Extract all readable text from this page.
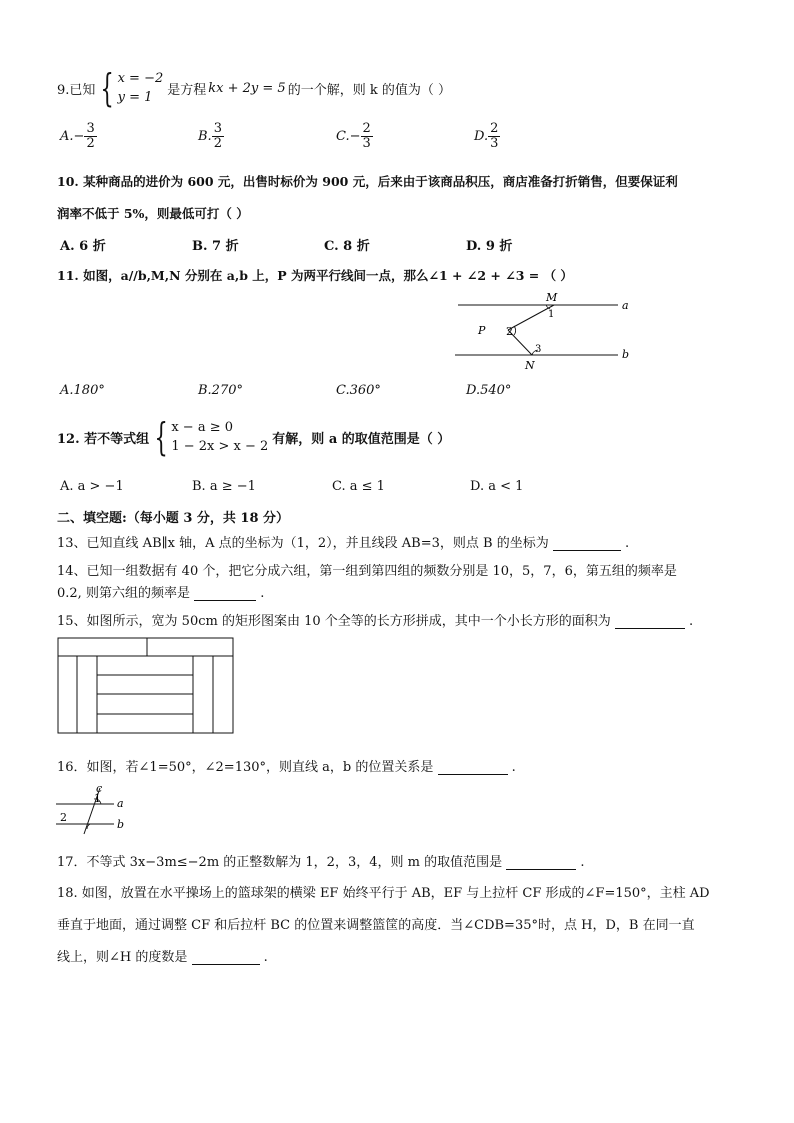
9.已知 { x = −2
y = 1	是方程 kx + 2y = 5 的一个解，则 k 的值为（ ）
A. − $\frac{3}{2}$	B. $\frac{3}{2}$	C. − $\frac{2}{3}$	D. $\frac{2}{3}$
10. 某种商品的进价为 600 元，出售时标价为 900 元，后来由于该商品积压，商店准备打折销售，但要保证利
润率不低于 5%，则最低可打（ ）
A. 6 折	B. 7 折	C. 8 折	D. 9 折
11. 如图，a//b,M,N 分别在 a,b 上，P 为两平行线间一点，那么∠1 + ∠2 + ∠3 = （ ）
M
1
a
P 2
3	b
N
A.180°	B.270°	C.360°	D.540°
12. 若不等式组 { x − a ≥ 0
1 − 2x > x − 2 有解，则 a 的取值范围是（ ）
A. a > −1	B. a ≥ −1	C. a ≤ 1	D. a < 1
二、填空题:（每小题 3 分，共 18 分）
13、已知直线 AB∥x 轴，A 点的坐标为（1，2），并且线段 AB=3，则点 B 的坐标为	.
14、已知一组数据有 40 个，把它分成六组，第一组到第四组的频数分别是 10，5，7，6，第五组的频率是
0.2, 则第六组的频率是	.
15、如图所示，宽为 50cm 的矩形图案由 10 个全等的长方形拼成，其中一个小长方形的面积为	.
16．如图，若∠1=50°，∠2=130°，则直线 a，b 的位置关系是	.
c
1 a
2
b
17．不等式 3x−3m≤−2m 的正整数解为 1，2，3，4，则 m 的取值范围是	.
18. 如图，放置在水平操场上的篮球架的横梁 EF 始终平行于 AB，EF 与上拉杆 CF 形成的∠F=150°，主柱 AD
垂直于地面，通过调整 CF 和后拉杆 BC 的位置来调整篮筐的高度．当∠CDB=35°时，点 H，D，B 在同一直
线上，则∠H 的度数是	.
